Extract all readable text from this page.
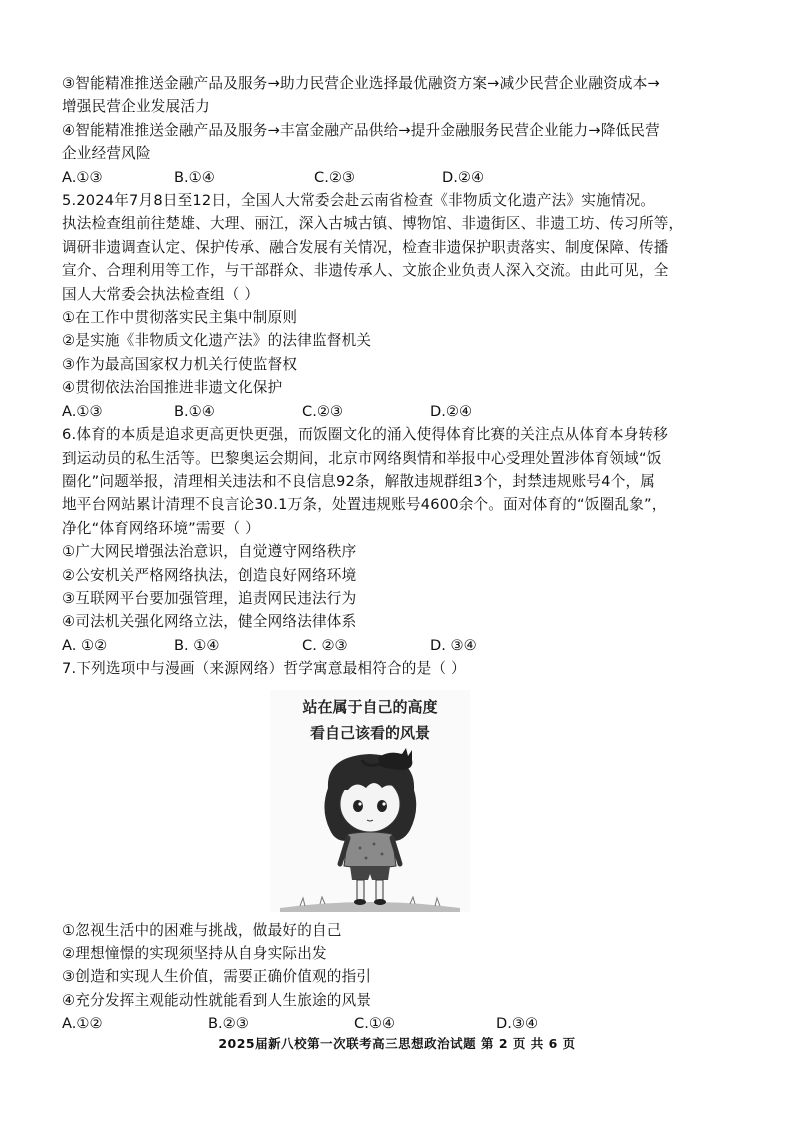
③智能精准推送金融产品及服务→助力民营企业选择最优融资方案→减少民营企业融资成本→
增强民营企业发展活力
④智能精准推送金融产品及服务→丰富金融产品供给→提升金融服务民营企业能力→降低民营
企业经营风险
A.①③	B.①④	C.②③	D.②④
5.2024年7月8日至12日，全国人大常委会赴云南省检查《非物质文化遗产法》实施情况。
执法检查组前往楚雄、大理、丽江，深入古城古镇、博物馆、非遗街区、非遗工坊、传习所等，
调研非遗调查认定、保护传承、融合发展有关情况，检查非遗保护职责落实、制度保障、传播
宣介、合理利用等工作，与干部群众、非遗传承人、文旅企业负责人深入交流。由此可见，全
国人大常委会执法检查组（ ）
①在工作中贯彻落实民主集中制原则
②是实施《非物质文化遗产法》的法律监督机关
③作为最高国家权力机关行使监督权
④贯彻依法治国推进非遗文化保护
A.①③	B.①④	C.②③	D.②④
6.体育的本质是追求更高更快更强，而饭圈文化的涌入使得体育比赛的关注点从体育本身转移
到运动员的私生活等。巴黎奥运会期间，北京市网络舆情和举报中心受理处置涉体育领域“饭
圈化”问题举报，清理相关违法和不良信息92条，解散违规群组3个，封禁违规账号4个，属
地平台网站累计清理不良言论30.1万条，处置违规账号4600余个。面对体育的“饭圈乱象”，
净化“体育网络环境”需要（ ）
①广大网民增强法治意识，自觉遵守网络秩序
②公安机关严格网络执法，创造良好网络环境
③互联网平台要加强管理，追责网民违法行为
④司法机关强化网络立法，健全网络法律体系
A. ①②	B. ①④	C. ②③	D. ③④
7.下列选项中与漫画（来源网络）哲学寓意最相符合的是（ ）
站在属于自己的高度
看自己该看的风景
①忽视生活中的困难与挑战，做最好的自己
②理想憧憬的实现须坚持从自身实际出发
③创造和实现人生价值，需要正确价值观的指引
④充分发挥主观能动性就能看到人生旅途的风景
A.①②	B.②③	C.①④	D.③④
2025届新八校第一次联考高三思想政治试题 第 2 页 共 6 页
